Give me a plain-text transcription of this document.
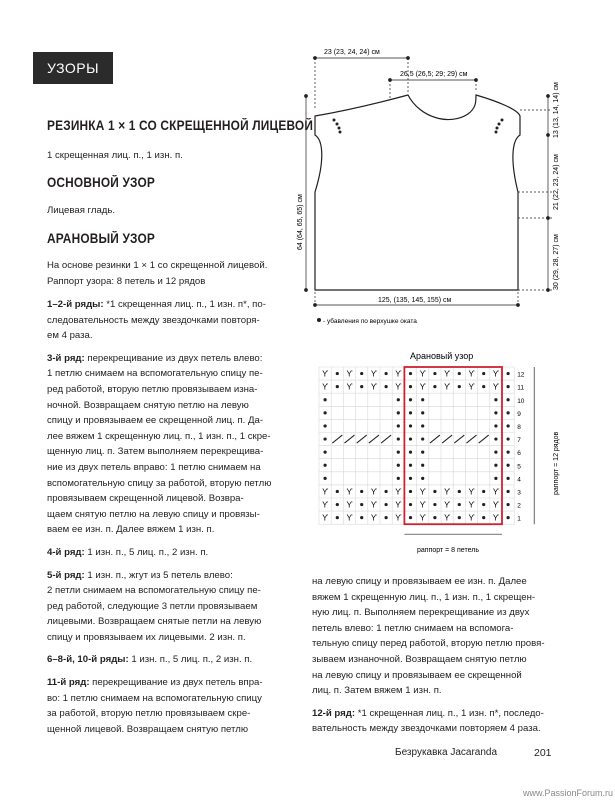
УЗОРЫ
РЕЗИНКА 1 × 1 СО СКРЕЩЕННОЙ ЛИЦЕВОЙ
1 скрещенная лиц. п., 1 изн. п.
ОСНОВНОЙ УЗОР
Лицевая гладь.
АРАНОВЫЙ УЗОР
На основе резинки 1 × 1 со скрещенной лицевой.
Раппорт узора: 8 петель и 12 рядов
1–2-й ряды: *1 скрещенная лиц. п., 1 изн. п*, по-
следовательность между звездочками повторя-
ем 4 раза.
3-й ряд: перекрещивание из двух петель влево:
1 петлю снимаем на вспомогательную спицу пе-
ред работой, вторую петлю провязываем изна-
ночной. Возвращаем снятую петлю на левую
спицу и провязываем ее скрещенной лиц. п. Да-
лее вяжем 1 скрещенную лиц. п., 1 изн. п., 1 скре-
щенную лиц. п. Затем выполняем перекрещива-
ние из двух петель вправо: 1 петлю снимаем на
вспомогательную спицу за работой, вторую петлю
провязываем скрещенной лицевой. Возвра-
щаем снятую петлю на левую спицу и провязы-
ваем ее изн. п. Далее вяжем 1 изн. п.
4-й ряд: 1 изн. п., 5 лиц. п., 2 изн. п.
5-й ряд: 1 изн. п., жгут из 5 петель влево:
2 петли снимаем на вспомогательную спицу пе-
ред работой, следующие 3 петли провязываем
лицевыми. Возвращаем снятые петли на левую
спицу и провязываем их лицевыми. 2 изн. п.
6–8-й, 10-й ряды: 1 изн. п., 5 лиц. п., 2 изн. п.
11-й ряд: перекрещивание из двух петель впра-
во: 1 петлю снимаем на вспомогательную спицу
за работой, вторую петлю провязываем скре-
щенной лицевой. Возвращаем снятую петлю
на левую спицу и провязываем ее изн. п. Далее
вяжем 1 скрещенную лиц. п., 1 изн. п., 1 скрещен-
ную лиц. п. Выполняем перекрещивание из двух
петель влево: 1 петлю снимаем на вспомога-
тельную спицу перед работой, вторую петлю провя-
зываем изнаночной. Возвращаем снятую петлю
на левую спицу и провязываем ее скрещенной
лиц. п. Затем вяжем 1 изн. п.
12-й ряд: *1 скрещенная лиц. п., 1 изн. п*, последо-
вательность между звездочками повторяем 4 раза.
23 (23, 24, 24) см
26,5 (26,5; 29; 29) см
64 (64, 65, 65) см
13 (13, 14, 14) см
21 (22, 23, 24) см
30 (29, 28, 27) см
125, (135, 145, 155) см
- убавления по верхушке оката
Арановый узор
ϒ ϒ ϒ ϒ ϒ ϒ ϒ ϒ
ϒ ϒ ϒ ϒ ϒ ϒ ϒ ϒ
ϒ ϒ ϒ ϒ ϒ ϒ ϒ ϒ
ϒ ϒ ϒ ϒ ϒ ϒ ϒ ϒ
ϒ ϒ ϒ ϒ ϒ ϒ ϒ ϒ
12
11
10
9
8
7
6
5
4
3
2
1
раппорт = 12 рядов
раппорт = 8 петель
Безрукавка Jacaranda	201
www.PassionForum.ru
